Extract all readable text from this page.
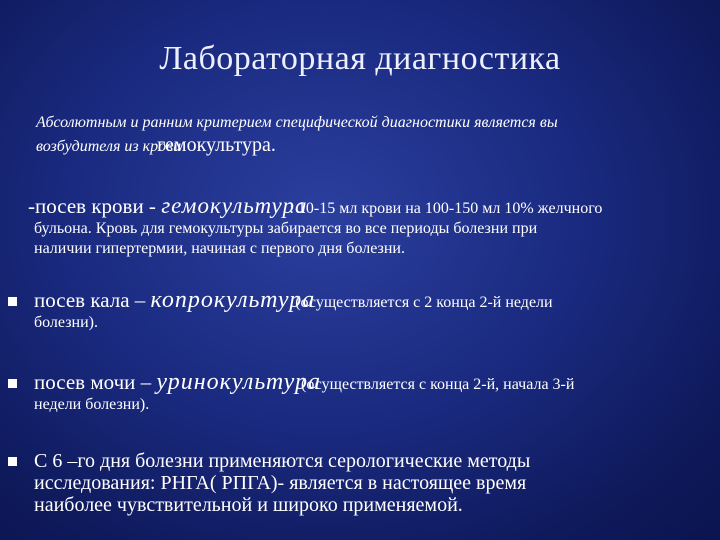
Лабораторная диагностика
Абсолютным и ранним критерием специфической диагностики является вы
возбудителя из кровигемокультура.
-посев крови - гемокультура: 10-15 мл крови на 100-150 мл 10% желчного
бульона. Кровь для гемокультуры забирается во все периоды болезни при
наличии гипертермии, начиная с первого дня болезни.
посев кала – копрокультура(осуществляется с 2 конца 2-й недели
болезни).
посев мочи – уринокультура(осуществляется с конца 2-й, начала 3-й
недели болезни).
С 6 –го дня болезни применяются серологические методы
исследования: РНГА( РПГА)- является в настоящее время
наиболее чувствительной и широко применяемой.
